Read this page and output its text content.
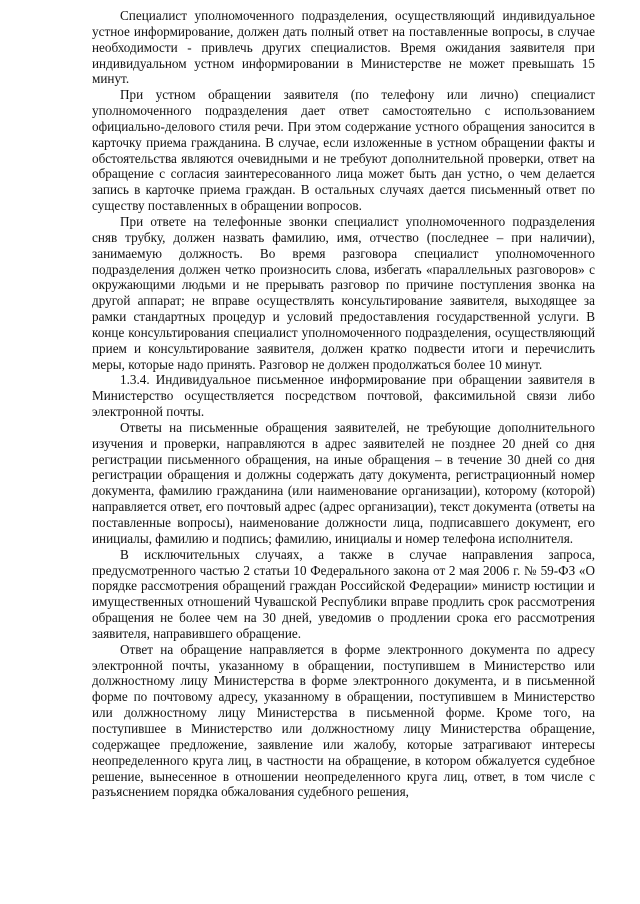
Специалист уполномоченного подразделения, осуществляющий индивидуальное устное информирование, должен дать полный ответ на поставленные вопросы, в случае необходимости - привлечь других специалистов. Время ожидания заявителя при индивидуальном устном информировании в Министерстве не может превышать 15 минут.

При устном обращении заявителя (по телефону или лично) специалист уполномоченного подразделения дает ответ самостоятельно с использованием официально-делового стиля речи. При этом содержание устного обращения заносится в карточку приема гражданина. В случае, если изложенные в устном обращении факты и обстоятельства являются очевидными и не требуют дополнительной проверки, ответ на обращение с согласия заинтересованного лица может быть дан устно, о чем делается запись в карточке приема граждан. В остальных случаях дается письменный ответ по существу поставленных в обращении вопросов.

При ответе на телефонные звонки специалист уполномоченного подразделения сняв трубку, должен назвать фамилию, имя, отчество (последнее – при наличии), занимаемую должность. Во время разговора специалист уполномоченного подразделения должен четко произносить слова, избегать «параллельных разговоров» с окружающими людьми и не прерывать разговор по причине поступления звонка на другой аппарат; не вправе осуществлять консультирование заявителя, выходящее за рамки стандартных процедур и условий предоставления государственной услуги. В конце консультирования специалист уполномоченного подразделения, осуществляющий прием и консультирование заявителя, должен кратко подвести итоги и перечислить меры, которые надо принять. Разговор не должен продолжаться более 10 минут.

1.3.4. Индивидуальное письменное информирование при обращении заявителя в Министерство осуществляется посредством почтовой, факсимильной связи либо электронной почты.

Ответы на письменные обращения заявителей, не требующие дополнительного изучения и проверки, направляются в адрес заявителей не позднее 20 дней со дня регистрации письменного обращения, на иные обращения – в течение 30 дней со дня регистрации обращения и должны содержать дату документа, регистрационный номер документа, фамилию гражданина (или наименование организации), которому (которой) направляется ответ, его почтовый адрес (адрес организации), текст документа (ответы на поставленные вопросы), наименование должности лица, подписавшего документ, его инициалы, фамилию и подпись; фамилию, инициалы и номер телефона исполнителя.

В исключительных случаях, а также в случае направления запроса, предусмотренного частью 2 статьи 10 Федерального закона от 2 мая 2006 г. № 59-ФЗ «О порядке рассмотрения обращений граждан Российской Федерации» министр юстиции и имущественных отношений Чувашской Республики вправе продлить срок рассмотрения обращения не более чем на 30 дней, уведомив о продлении срока его рассмотрения заявителя, направившего обращение.

Ответ на обращение направляется в форме электронного документа по адресу электронной почты, указанному в обращении, поступившем в Министерство или должностному лицу Министерства в форме электронного документа, и в письменной форме по почтовому адресу, указанному в обращении, поступившем в Министерство или должностному лицу Министерства в письменной форме. Кроме того, на поступившее в Министерство или должностному лицу Министерства обращение, содержащее предложение, заявление или жалобу, которые затрагивают интересы неопределенного круга лиц, в частности на обращение, в котором обжалуется судебное решение, вынесенное в отношении неопределенного круга лиц, ответ, в том числе с разъяснением порядка обжалования судебного решения,
